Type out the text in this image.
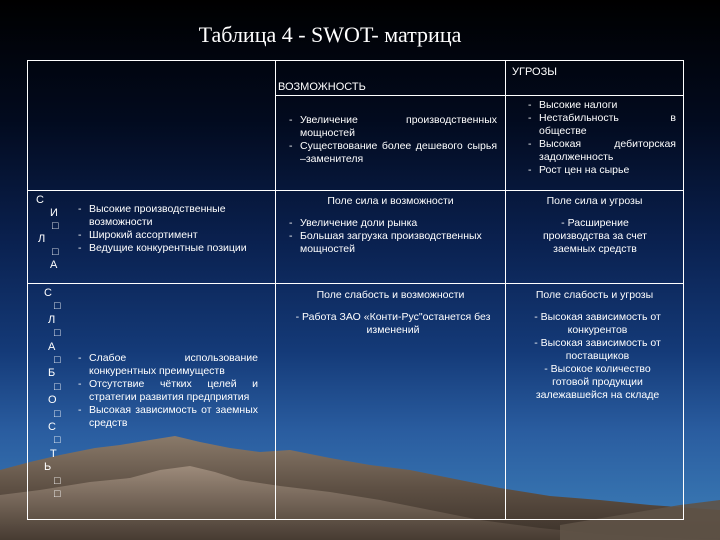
Таблица 4 - SWOT- матрица
УГРОЗЫ
ВОЗМОЖНОСТЬ
- Увеличение производственных мощностей
- Существование более дешевого сырья –заменителя
- Высокие налоги
- Нестабильность в обществе
- Высокая дебиторская задолженность
- Рост цен на сырье
С
И
□
Л
□
А
- Высокие производственные возможности
- Широкий ассортимент
- Ведущие конкурентные позиции
Поле сила и возможности
- Увеличение доли рынка
- Большая загрузка производственных мощностей
Поле сила и угрозы
- Расширение производства за счет заемных средств
С
□
Л
□
А
□
Б
□
О
□
С
□
Т
Ь
□
□
- Слабое использование конкурентных преимуществ
- Отсутствие чётких целей и стратегии развития предприятия
- Высокая зависимость от заемных средств
Поле слабость и возможности
- Работа ЗАО «Конти-Рус"останется без изменений
Поле слабость и угрозы
- Высокая зависимость от конкурентов
- Высокая зависимость от поставщиков
- Высокое количество готовой продукции залежавшейся на складе
